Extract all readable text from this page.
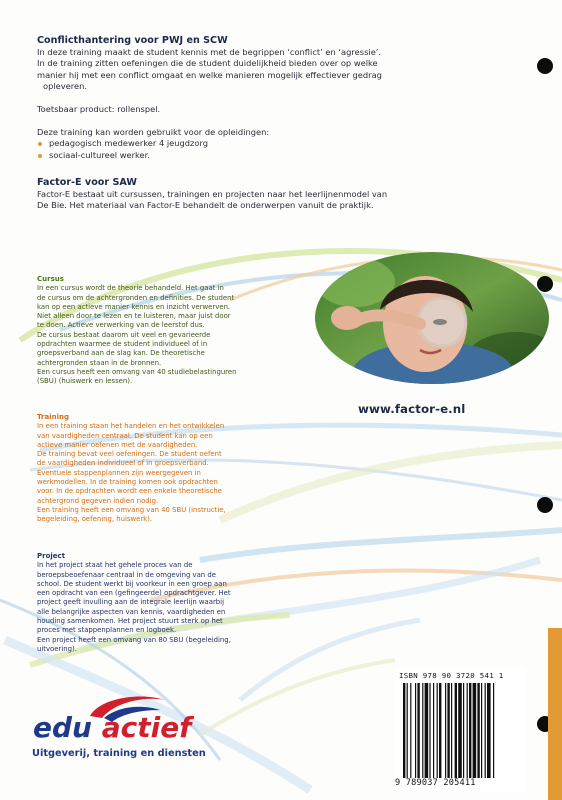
Conflicthantering voor PWJ en SCW

In deze training maakt de student kennis met de begrippen ‘conflict’ en ‘agressie’.

In de training zitten oefeningen die de student duidelijkheid bieden over op welke

manier hij met een conflict omgaat en welke manieren mogelijk effectiever gedrag

opleveren.

Toetsbaar product: rollenspel.

Deze training kan worden gebruikt voor de opleidingen:

pedagogisch medewerker 4 jeugdzorg
sociaal-cultureel werker.

Factor-E voor SAW

Factor-E bestaat uit cursussen, trainingen en projecten naar het leerlijnenmodel van

De Bie. Het materiaal van Factor-E behandelt de onderwerpen vanuit de praktijk.

Cursus

In een cursus wordt de theorie behandeld. Het gaat in

de cursus om de achtergronden en definities. De student

kan op een actieve manier kennis en inzicht verwerven.

Niet alleen door te lezen en te luisteren, maar juist door

te doen. Actieve verwerking van de leerstof dus.

De cursus bestaat daarom uit veel en gevarieerde

opdrachten waarmee de student individueel of in

groepsverband aan de slag kan. De theoretische

achtergronden staan in de bronnen.

Een cursus heeft een omvang van 40 studiebelastinguren

(SBU) (huiswerk en lessen).

Training

In een training staan het handelen en het ontwikkelen

van vaardigheden centraal. De student kan op een

actieve manier oefenen met de vaardigheden.

De training bevat veel oefeningen. De student oefent

de vaardigheden individueel of in groepsverband.

Eventuele stappenplannen zijn weergegeven in

werkmodellen. In de training komen ook opdrachten

voor. In de opdrachten wordt een enkele theoretische

achtergrond gegeven indien nodig.

Een training heeft een omvang van 40 SBU (instructie,

begeleiding, oefening, huiswerk).

Project

In het project staat het gehele proces van de

beroepsbeoefenaar centraal in de omgeving van de

school. De student werkt bij voorkeur in een groep aan

een opdracht van een (gefingeerde) opdrachtgever. Het

project geeft invulling aan de integrale leerlijn waarbij

alle belangrijke aspecten van kennis, vaardigheden en

houding samenkomen. Het project stuurt sterk op het

proces met stappenplannen en logboek.

Een project heeft een omvang van 80 SBU (begeleiding,

uitvoering).

www.factor-e.nl
edu actief
Uitgeverij, training en diensten
ISBN 978 90 3720 541 1
9 789037 205411
